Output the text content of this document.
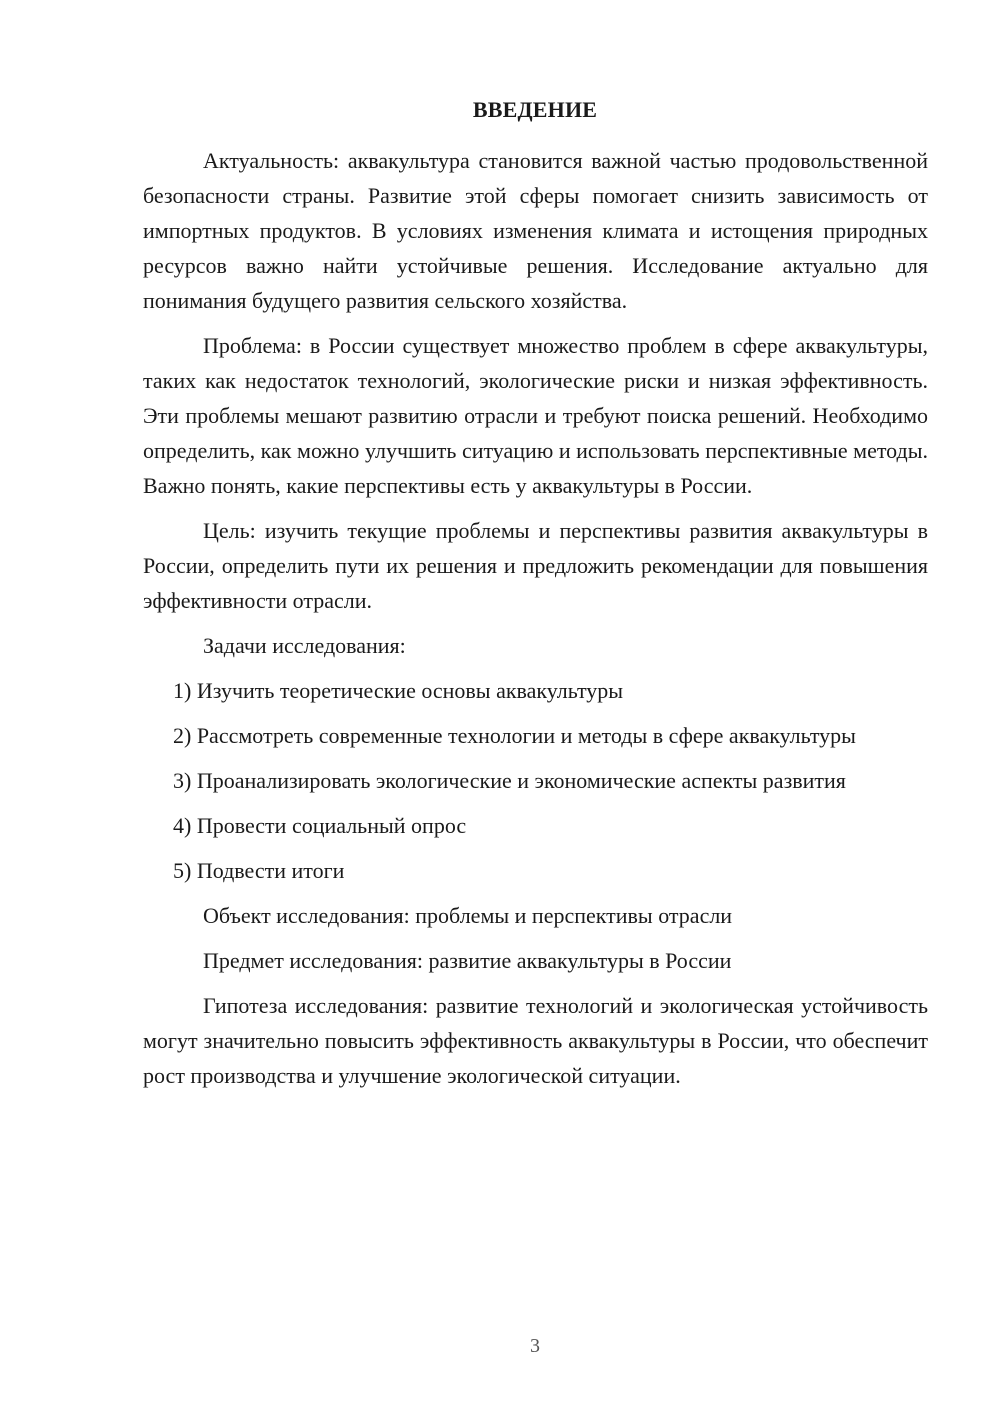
ВВЕДЕНИЕ

Актуальность: аквакультура становится важной частью продовольственной безопасности страны. Развитие этой сферы помогает снизить зависимость от импортных продуктов. В условиях изменения климата и истощения природных ресурсов важно найти устойчивые решения. Исследование актуально для понимания будущего развития сельского хозяйства.

Проблема: в России существует множество проблем в сфере аквакультуры, таких как недостаток технологий, экологические риски и низкая эффективность. Эти проблемы мешают развитию отрасли и требуют поиска решений. Необходимо определить, как можно улучшить ситуацию и использовать перспективные методы. Важно понять, какие перспективы есть у аквакультуры в России.

Цель: изучить текущие проблемы и перспективы развития аквакультуры в России, определить пути их решения и предложить рекомендации для повышения эффективности отрасли.

Задачи исследования:

1) Изучить теоретические основы аквакультуры

2) Рассмотреть современные технологии и методы в сфере аквакультуры

3) Проанализировать экологические и экономические аспекты развития

4) Провести социальный опрос

5) Подвести итоги

Объект исследования: проблемы и перспективы отрасли

Предмет исследования: развитие аквакультуры в России

Гипотеза исследования: развитие технологий и экологическая устойчивость могут значительно повысить эффективность аквакультуры в России, что обеспечит рост производства и улучшение экологической ситуации.

3
